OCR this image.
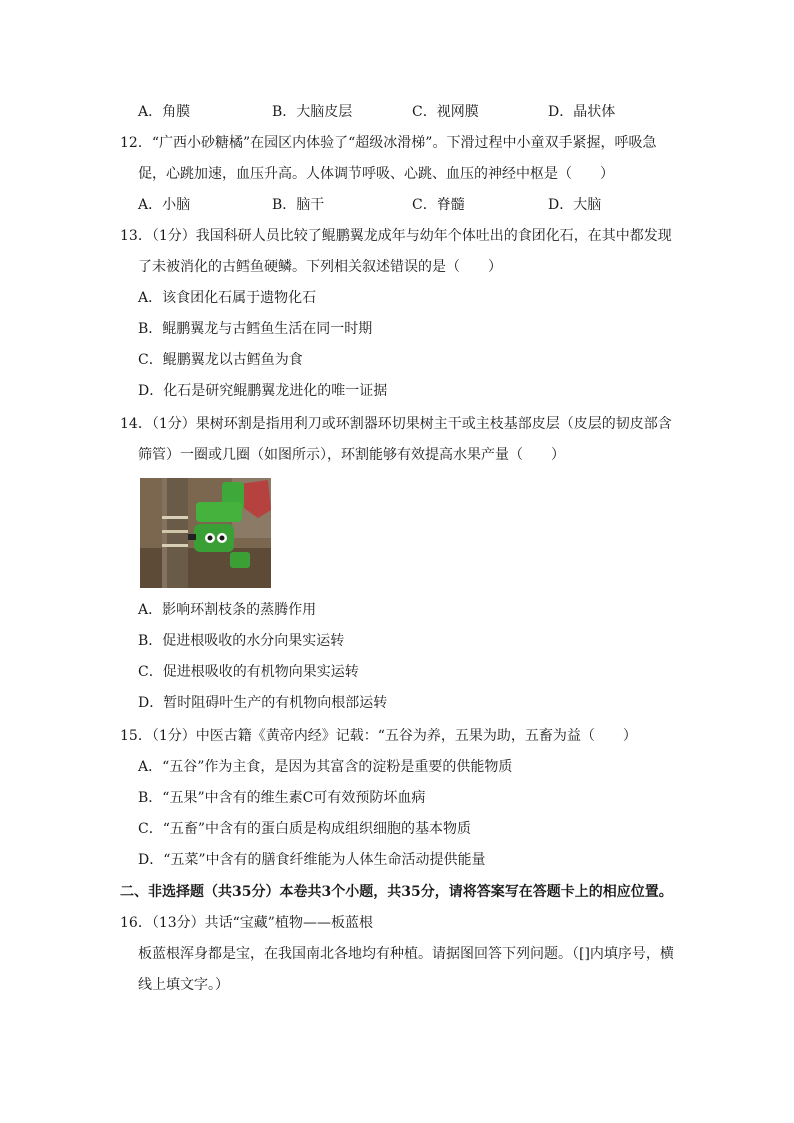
A．角膜	B．大脑皮层	C．视网膜	D．晶状体
12．“广西小砂糖橘”在园区内体验了“超级冰滑梯”。下滑过程中小童双手紧握，呼吸急
促，心跳加速，血压升高。人体调节呼吸、心跳、血压的神经中枢是（　　）
A．小脑	B．脑干	C．脊髓	D．大脑
13．（1分）我国科研人员比较了鲲鹏翼龙成年与幼年个体吐出的食团化石，在其中都发现
了未被消化的古鳕鱼硬鳞。下列相关叙述错误的是（　　）
A．该食团化石属于遗物化石
B．鲲鹏翼龙与古鳕鱼生活在同一时期
C．鲲鹏翼龙以古鳕鱼为食
D．化石是研究鲲鹏翼龙进化的唯一证据
14．（1分）果树环割是指用利刀或环割器环切果树主干或主枝基部皮层（皮层的韧皮部含
筛管）一圈或几圈（如图所示），环割能够有效提高水果产量（　　）
A．影响环割枝条的蒸腾作用
B．促进根吸收的水分向果实运转
C．促进根吸收的有机物向果实运转
D．暂时阻碍叶生产的有机物向根部运转
15．（1分）中医古籍《黄帝内经》记载：“五谷为养，五果为助，五畜为益（　　）
A．“五谷”作为主食，是因为其富含的淀粉是重要的供能物质
B．“五果”中含有的维生素C可有效预防坏血病
C．“五畜”中含有的蛋白质是构成组织细胞的基本物质
D．“五菜”中含有的膳食纤维能为人体生命活动提供能量
二、非选择题（共35分）本卷共3个小题，共35分，请将答案写在答题卡上的相应位置。
16．（13分）共话“宝藏”植物——板蓝根
板蓝根浑身都是宝，在我国南北各地均有种植。请据图回答下列问题。（[]内填序号，横
线上填文字。）
